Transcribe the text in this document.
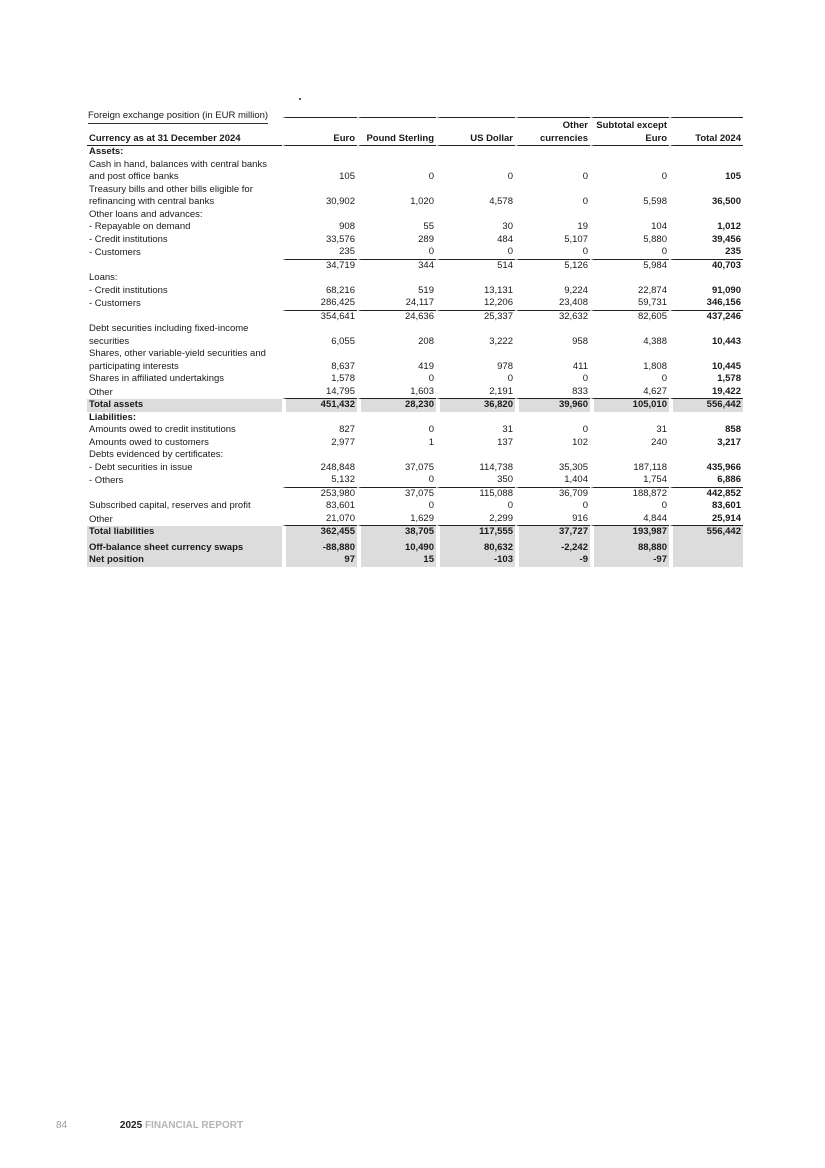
Foreign exchange position (in EUR million)
Currency as at 31 December 2024	Euro	Pound Sterling	US Dollar	Other currencies	Subtotal except Euro	Total 2024
Assets:						
Cash in hand, balances with central banks and post office banks	105	0	0	0	0	105
Treasury bills and other bills eligible for refinancing with central banks	30,902	1,020	4,578	0	5,598	36,500
Other loans and advances:						
- Repayable on demand	908	55	30	19	104	1,012
- Credit institutions	33,576	289	484	5,107	5,880	39,456
- Customers	235	0	0	0	0	235
	34,719	344	514	5,126	5,984	40,703
Loans:						
- Credit institutions	68,216	519	13,131	9,224	22,874	91,090
- Customers	286,425	24,117	12,206	23,408	59,731	346,156
	354,641	24,636	25,337	32,632	82,605	437,246
Debt securities including fixed-income securities	6,055	208	3,222	958	4,388	10,443
Shares, other variable-yield securities and participating interests	8,637	419	978	411	1,808	10,445
Shares in affiliated undertakings	1,578	0	0	0	0	1,578
Other	14,795	1,603	2,191	833	4,627	19,422
Total assets	451,432	28,230	36,820	39,960	105,010	556,442
Liabilities:						
Amounts owed to credit institutions	827	0	31	0	31	858
Amounts owed to customers	2,977	1	137	102	240	3,217
Debts evidenced by certificates:						
- Debt securities in issue	248,848	37,075	114,738	35,305	187,118	435,966
- Others	5,132	0	350	1,404	1,754	6,886
	253,980	37,075	115,088	36,709	188,872	442,852
Subscribed capital, reserves and profit	83,601	0	0	0	0	83,601
Other	21,070	1,629	2,299	916	4,844	25,914
Total liabilities	362,455	38,705	117,555	37,727	193,987	556,442
Off-balance sheet currency swaps	-88,880	10,490	80,632	-2,242	88,880	
Net position	97	15	-103	-9	-97	
84	2025 FINANCIAL REPORT
